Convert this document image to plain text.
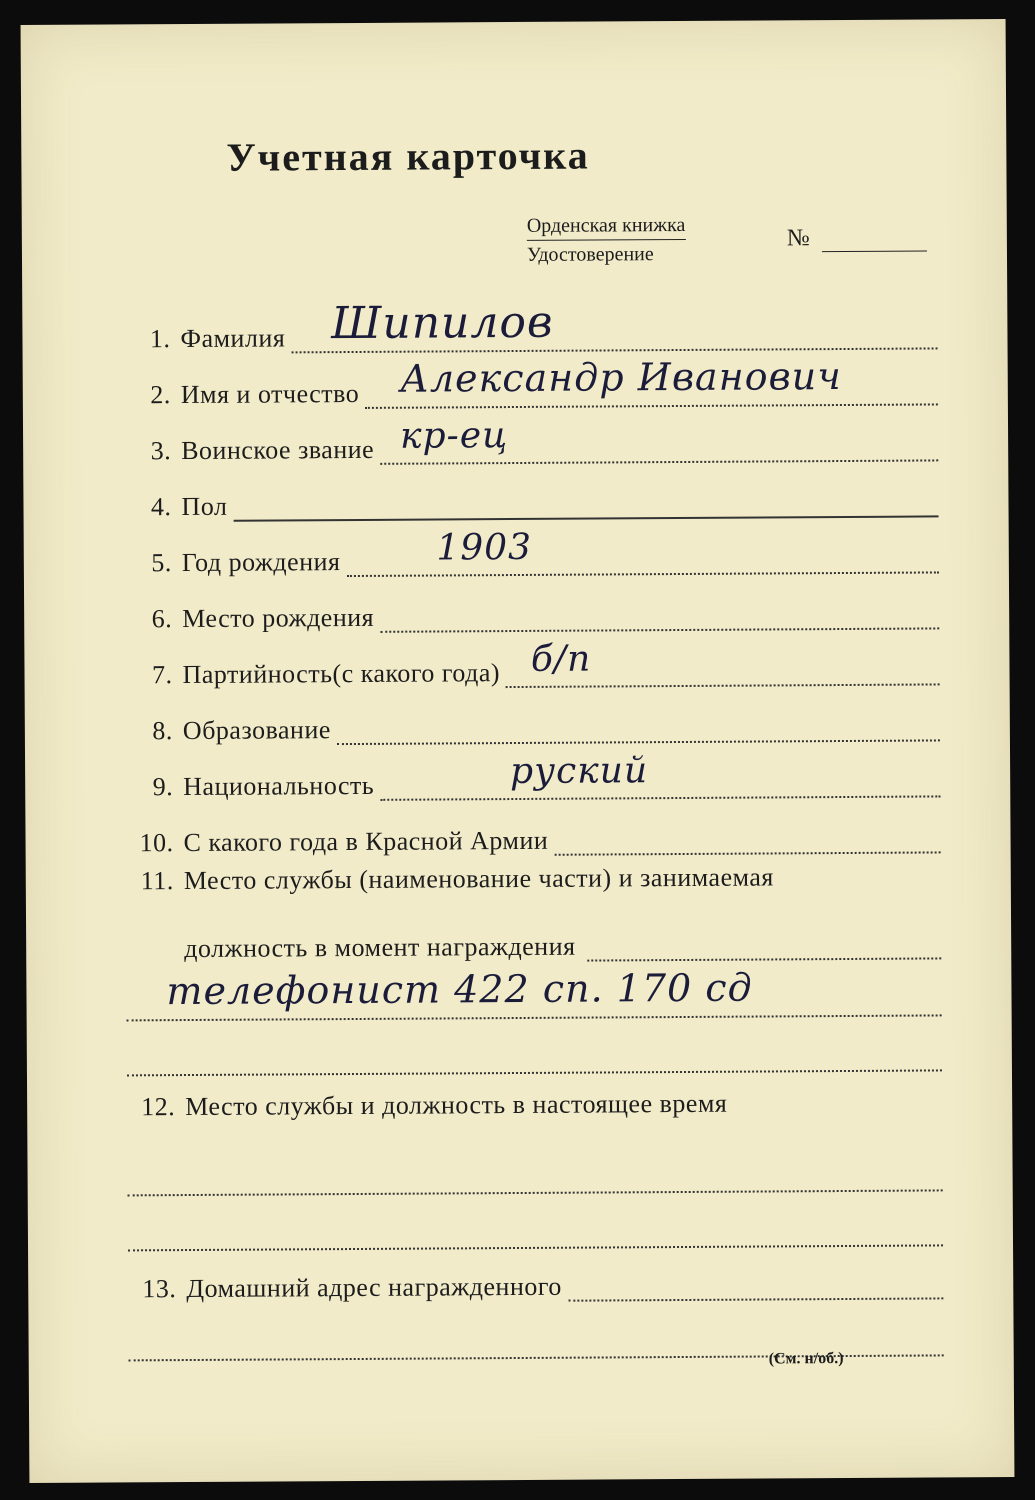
Учетная карточка
Орденская книжка
Удостоверение
№
1. Фамилия Шипилов
2. Имя и отчество Александр Иванович
3. Воинское звание кр-ец
4. Пол
5. Год рождения	1903
6. Место рождения
7. Партийность(с какого года) б/п
8. Образование
9. Национальность	руский
10. С какого года в Красной Армии
11. Место службы (наименование части) и занимаемая
должность в момент награждения
телефонист 422 сп. 170 сд
12. Место службы и должность в настоящее время
13. Домашний адрес награжденного
(См. н/об.)
